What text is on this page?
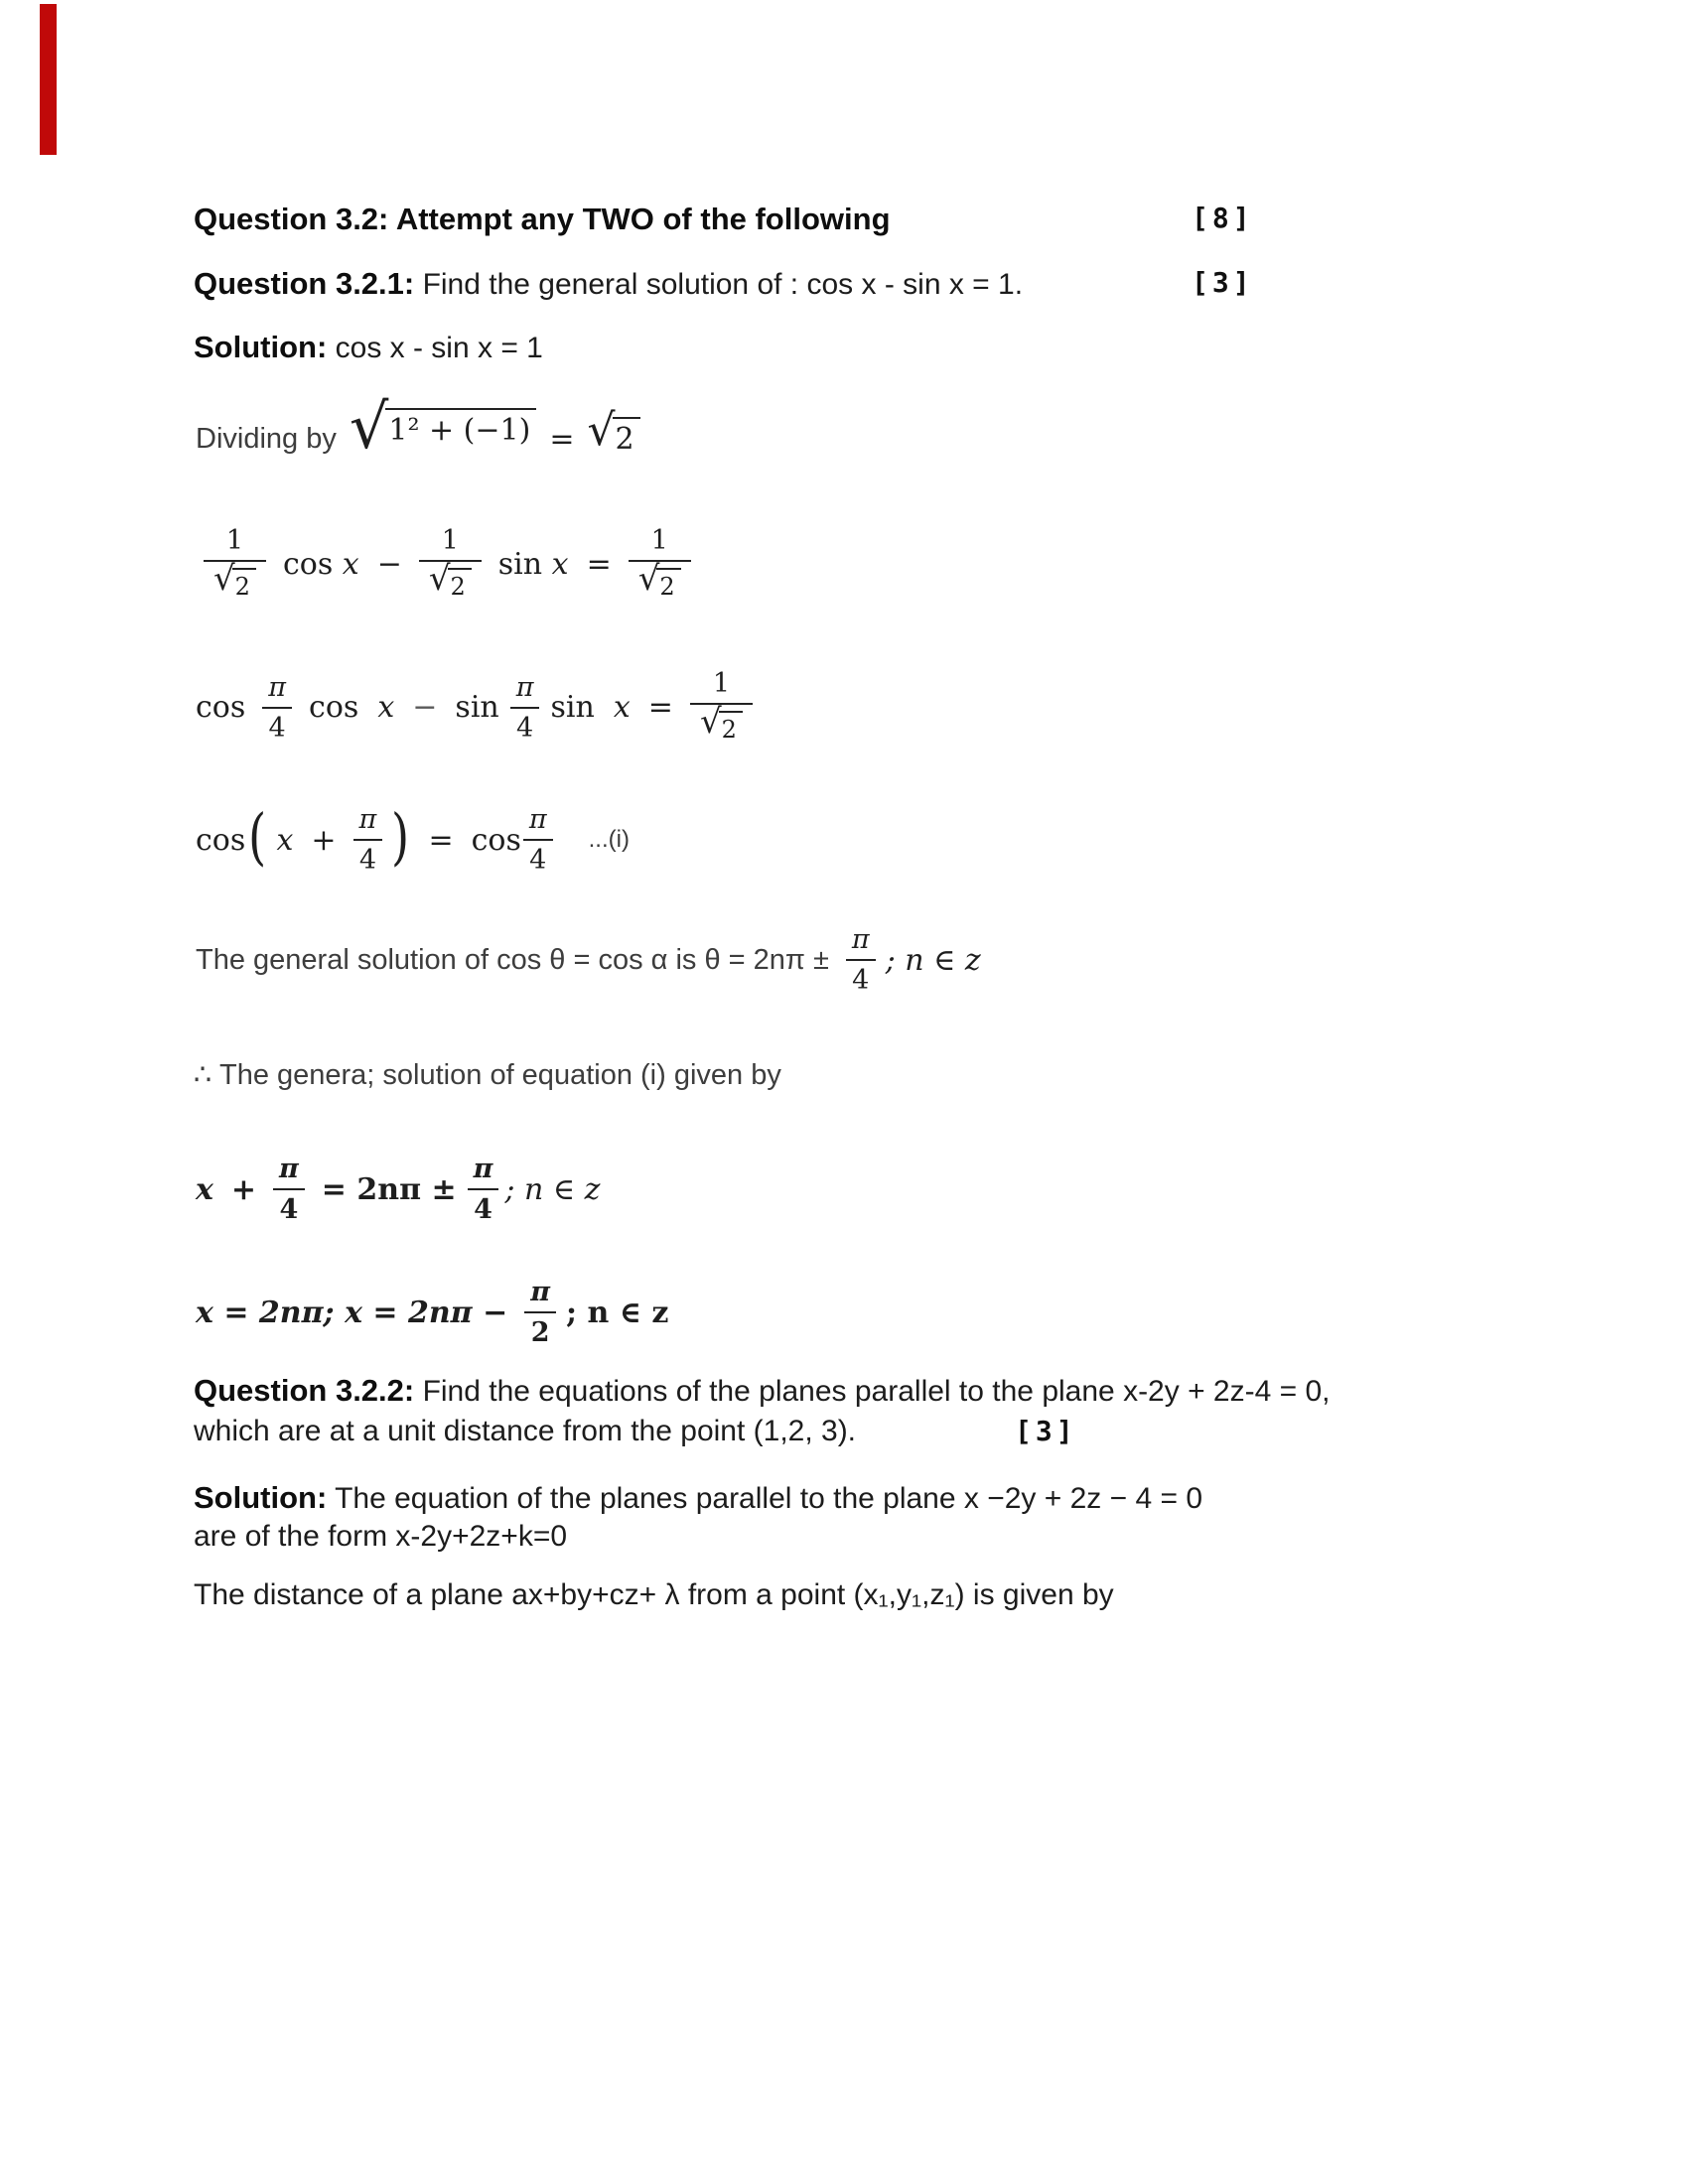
Question 3.2: Attempt any TWO of the following	[8]
Question 3.2.1: Find the general solution of : cos x - sin x = 1.	[3]
Solution: cos x - sin x = 1
Dividing by √ 1² + (−1) = √ 2
$\frac{1}{√ 2}$ $\cos x - \frac{1}{√ 2}$ $\sin x = \frac{1}{√ 2}$
$\cos \frac{\pi}{4}$ $\cos x - \sin \frac{\pi}{4}$ $\sin x = \frac{1}{√ 2}$
cos ( $x + \frac{\pi}{4}$ ) = $\cos \frac{\pi}{4} ...(i)$
The general solution of cos θ = cos α is $\theta = 2n\pi \pm \frac{\pi}{4}$ ; n ∈ z
∴ The genera; solution of equation (i) given by
$x + \frac{\pi}{4} = 2n\pi \pm \frac{\pi}{4}$ ; n ∈ z
x = 2nπ; $x = 2n\pi - \frac{\pi}{2}$ ; n ∈ z
Question 3.2.2: Find the equations of the planes parallel to the plane x-2y + 2z-4 = 0,
which are at a unit distance from the point (1,2, 3).	[3]
Solution: The equation of the planes parallel to the plane x −2y + 2z − 4 = 0
are of the form x-2y+2z+k=0
The distance of a plane ax+by+cz+ λ from a point (x₁,y₁,z₁) is given by
